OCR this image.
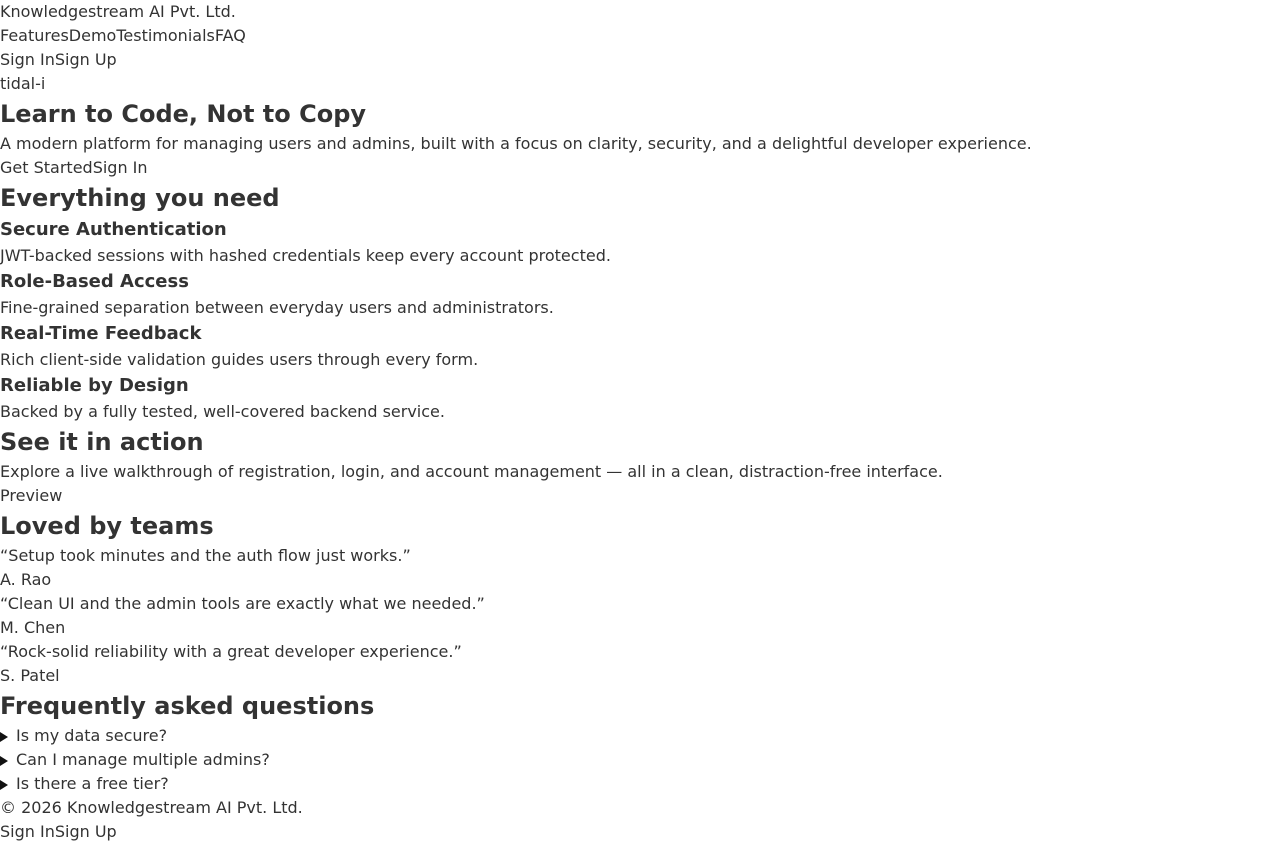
Knowledgestream AI Pvt. Ltd.
FeaturesDemoTestimonialsFAQ
Sign InSign Up
tidal-i
Learn to Code, Not to Copy

A modern platform for managing users and admins, built with a focus on clarity, security, and a delightful developer experience.

Get StartedSign In
Everything you need
Secure Authentication

JWT-backed sessions with hashed credentials keep every account protected.

Role-Based Access

Fine-grained separation between everyday users and administrators.

Real-Time Feedback

Rich client-side validation guides users through every form.

Reliable by Design

Backed by a fully tested, well-covered backend service.

See it in action

Explore a live walkthrough of registration, login, and account management — all in a clean, distraction-free interface.

Preview
Loved by teams

“Setup took minutes and the auth flow just works.”

A. Rao

“Clean UI and the admin tools are exactly what we needed.”

M. Chen

“Rock-solid reliability with a great developer experience.”

S. Patel
Frequently asked questions
Is my data secure?
Can I manage multiple admins?
Is there a free tier?
© 2026 Knowledgestream AI Pvt. Ltd.
Sign InSign Up
